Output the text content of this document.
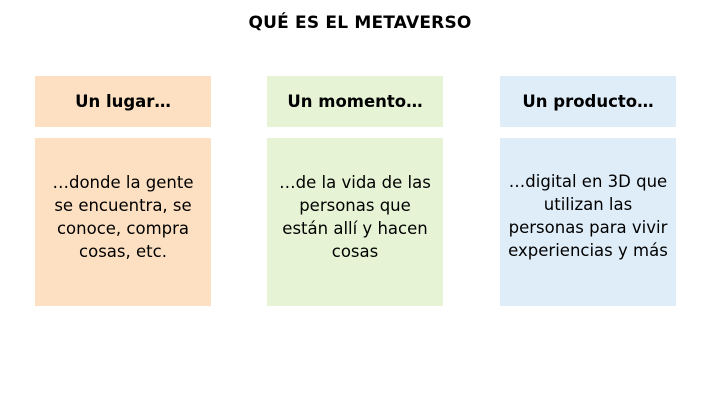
QUÉ ES EL METAVERSO
Un lugar…
…donde la gente se encuentra, se conoce, compra cosas, etc.
Un momento…
…de la vida de las personas que están allí y hacen cosas
Un producto…
…digital en 3D que utilizan las personas para vivir experiencias y más
